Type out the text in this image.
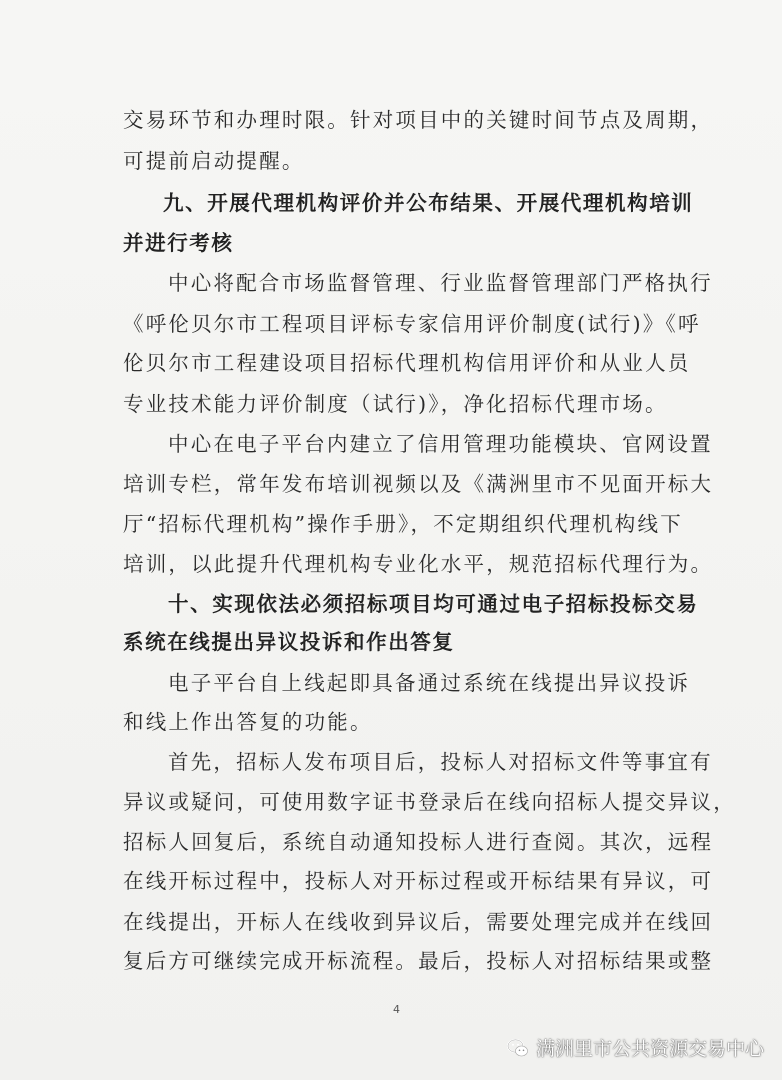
交易环节和办理时限。针对项目中的关键时间节点及周期，
可提前启动提醒。
九、开展代理机构评价并公布结果、开展代理机构培训
并进行考核
中心将配合市场监督管理、行业监督管理部门严格执行
《呼伦贝尔市工程项目评标专家信用评价制度(试行)》《呼
伦贝尔市工程建设项目招标代理机构信用评价和从业人员
专业技术能力评价制度（试行)》，净化招标代理市场。
中心在电子平台内建立了信用管理功能模块、官网设置
培训专栏，常年发布培训视频以及《满洲里市不见面开标大
厅“招标代理机构”操作手册》，不定期组织代理机构线下
培训，以此提升代理机构专业化水平，规范招标代理行为。
十、实现依法必须招标项目均可通过电子招标投标交易
系统在线提出异议投诉和作出答复
电子平台自上线起即具备通过系统在线提出异议投诉
和线上作出答复的功能。
首先，招标人发布项目后，投标人对招标文件等事宜有
异议或疑问，可使用数字证书登录后在线向招标人提交异议，
招标人回复后，系统自动通知投标人进行查阅。其次，远程
在线开标过程中，投标人对开标过程或开标结果有异议，可
在线提出，开标人在线收到异议后，需要处理完成并在线回
复后方可继续完成开标流程。最后，投标人对招标结果或整
4
满洲里市公共资源交易中心
